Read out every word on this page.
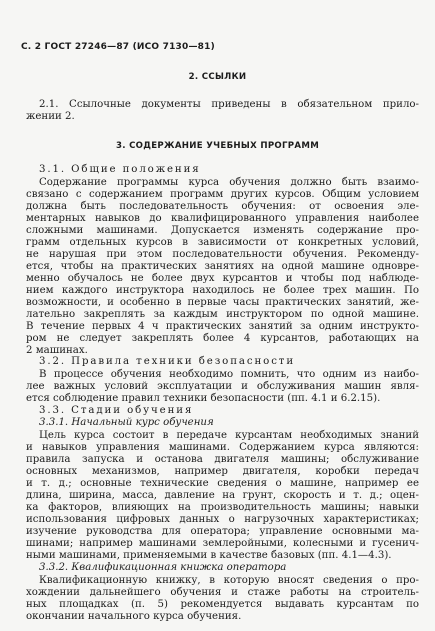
С. 2 ГОСТ 27246—87 (ИСО 7130—81)
2. ССЫЛКИ
2.1. Ссылочные документы приведены в обязательном прило-
жении 2.
3. СОДЕРЖАНИЕ УЧЕБНЫХ ПРОГРАММ
3.1. Общие положения
Содержание программы курса обучения должно быть взаимо-
связано с содержанием программ других курсов. Общим условием
должна быть последовательность обучения: от освоения эле-
ментарных навыков до квалифицированного управления наиболее
сложными машинами. Допускается изменять содержание про-
грамм отдельных курсов в зависимости от конкретных условий,
не нарушая при этом последовательности обучения. Рекоменду-
ется, чтобы на практических занятиях на одной машине одновре-
менно обучалось не более двух курсантов и чтобы под наблюде-
нием каждого инструктора находилось не более трех машин. По
возможности, и особенно в первые часы практических занятий, же-
лательно закреплять за каждым инструктором по одной машине.
В течение первых 4 ч практических занятий за одним инструкто-
ром не следует закреплять более 4 курсантов, работающих на
2 машинах.
3.2. Правила техники безопасности
В процессе обучения необходимо помнить, что одним из наибо-
лее важных условий эксплуатации и обслуживания машин явля-
ется соблюдение правил техники безопасности (пп. 4.1 и 6.2.15).
3.3. Стадии обучения
3.3.1. Начальный курс обучения
Цель курса состоит в передаче курсантам необходимых знаний
и навыков управления машинами. Содержанием курса являются:
правила запуска и останова двигателя машины; обслуживание
основных механизмов, например двигателя, коробки передач
и т. д.; основные технические сведения о машине, например ее
длина, ширина, масса, давление на грунт, скорость и т. д.; оцен-
ка факторов, влияющих на производительность машины; навыки
использования цифровых данных о нагрузочных характеристиках;
изучение руководства для оператора; управление основными ма-
шинами; например машинами землеройными, колесными и гусенич-
ными машинами, применяемыми в качестве базовых (пп. 4.1—4.3).
3.3.2. Квалификационная книжка оператора
Квалификационную книжку, в которую вносят сведения о про-
хождении дальнейшего обучения и стаже работы на строитель-
ных площадках (п. 5) рекомендуется выдавать курсантам по
окончании начального курса обучения.
